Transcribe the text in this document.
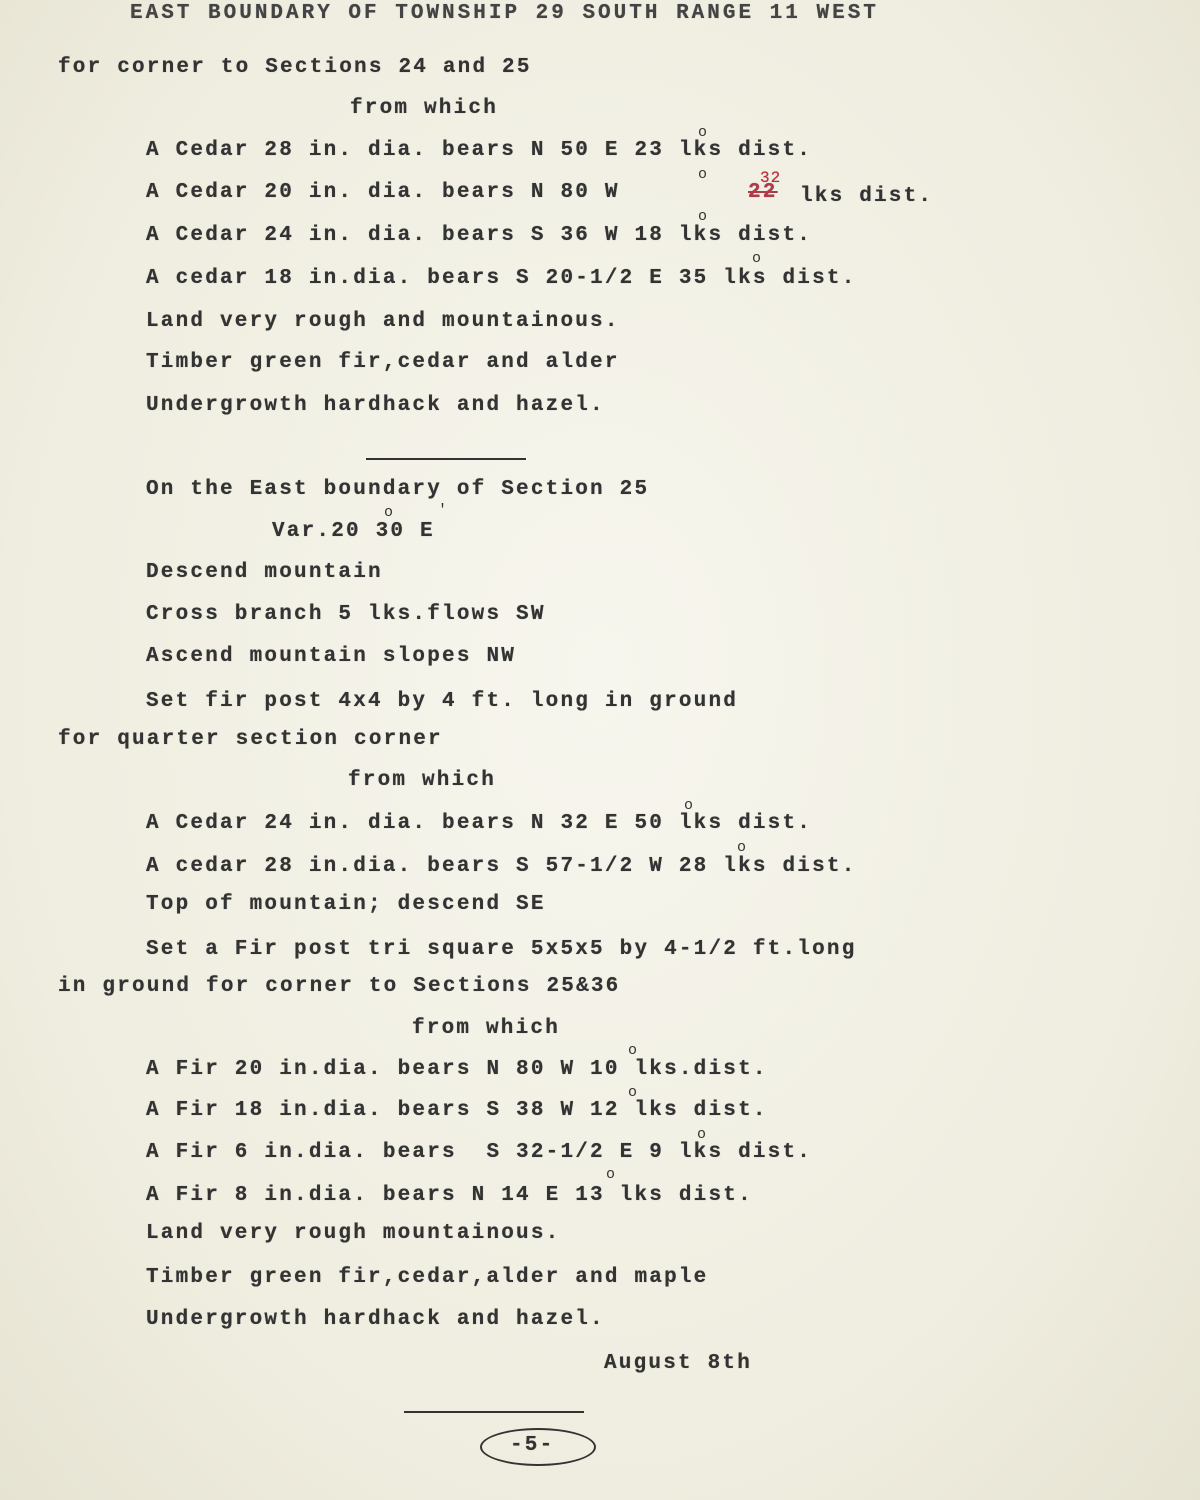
EAST BOUNDARY OF TOWNSHIP 29 SOUTH RANGE 11 WEST
for corner to Sections 24 and 25
from which
A Cedar 28 in. dia. bears N 50 E 23 lks dist.
o
A Cedar 20 in. dia. bears N 80 W
o
22
32
lks dist.
A Cedar 24 in. dia. bears S 36 W 18 lks dist.
o
A cedar 18 in.dia. bears S 20-1/2 E 35 lks dist.
o
Land very rough and mountainous.
Timber green fir,cedar and alder
Undergrowth hardhack and hazel.
On the East boundary of Section 25
Var.20 30 E
o	'
Descend mountain
Cross branch 5 lks.flows SW
Ascend mountain slopes NW
Set fir post 4x4 by 4 ft. long in ground
for quarter section corner
from which
A Cedar 24 in. dia. bears N 32 E 50 lks dist.
o
A cedar 28 in.dia. bears S 57-1/2 W 28 lks dist.
o
Top of mountain; descend SE
Set a Fir post tri square 5x5x5 by 4-1/2 ft.long
in ground for corner to Sections 25&36
from which
A Fir 20 in.dia. bears N 80 W 10 lks.dist.
o
A Fir 18 in.dia. bears S 38 W 12 lks dist.
o
A Fir 6 in.dia. bears  S 32-1/2 E 9 lks dist.
o
A Fir 8 in.dia. bears N 14 E 13 lks dist.
o
Land very rough mountainous.
Timber green fir,cedar,alder and maple
Undergrowth hardhack and hazel.
August 8th
-5-
